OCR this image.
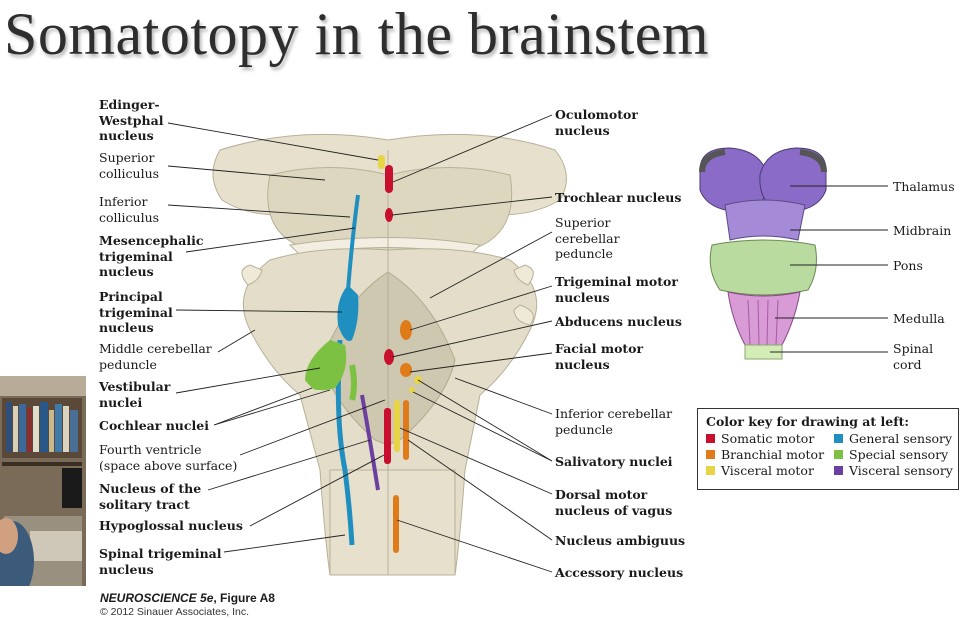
Somatotopy in the brainstem
Edinger-
Westphal
nucleus
Superior
colliculus
Inferior
colliculus
Mesencephalic
trigeminal
nucleus
Principal
trigeminal
nucleus
Middle cerebellar
peduncle
Vestibular
nuclei
Cochlear nuclei
Fourth ventricle
(space above surface)
Nucleus of the
solitary tract
Hypoglossal nucleus
Spinal trigeminal
nucleus
Oculomotor
nucleus
Trochlear nucleus
Superior
cerebellar
peduncle
Trigeminal motor
nucleus
Abducens nucleus
Facial motor
nucleus
Inferior cerebellar
peduncle
Salivatory nuclei
Dorsal motor
nucleus of vagus
Nucleus ambiguus
Accessory nucleus
Thalamus
Midbrain
Pons
Medulla
Spinal
cord
Color key for drawing at left:
Somatic motor	General sensory
Branchial motor Special sensory
Visceral motor	Visceral sensory
NEUROSCIENCE 5e, Figure A8
© 2012 Sinauer Associates, Inc.
